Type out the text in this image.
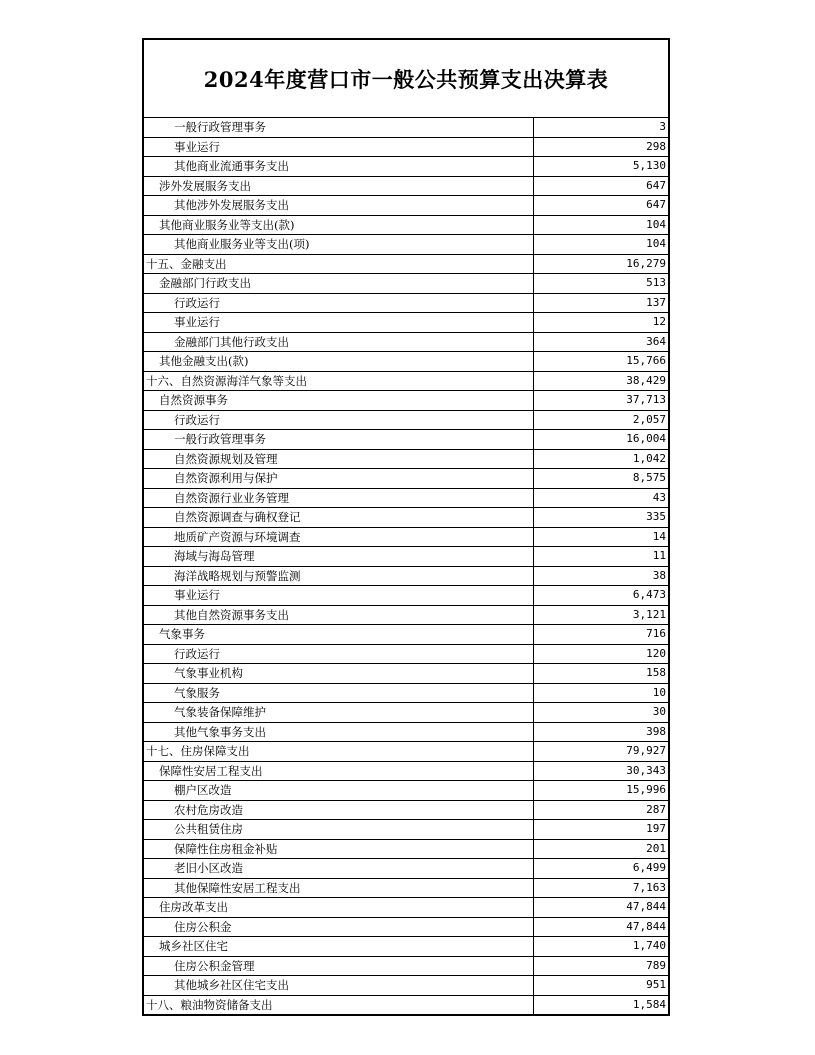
2024年度营口市一般公共预算支出决算表
一般行政管理事务	3
事业运行	298
其他商业流通事务支出	5,130
涉外发展服务支出	647
其他涉外发展服务支出	647
其他商业服务业等支出(款)	104
其他商业服务业等支出(项)	104
十五、金融支出	16,279
金融部门行政支出	513
行政运行	137
事业运行	12
金融部门其他行政支出	364
其他金融支出(款)	15,766
十六、自然资源海洋气象等支出	38,429
自然资源事务	37,713
行政运行	2,057
一般行政管理事务	16,004
自然资源规划及管理	1,042
自然资源利用与保护	8,575
自然资源行业业务管理	43
自然资源调查与确权登记	335
地质矿产资源与环境调查	14
海域与海岛管理	11
海洋战略规划与预警监测	38
事业运行	6,473
其他自然资源事务支出	3,121
气象事务	716
行政运行	120
气象事业机构	158
气象服务	10
气象装备保障维护	30
其他气象事务支出	398
十七、住房保障支出	79,927
保障性安居工程支出	30,343
棚户区改造	15,996
农村危房改造	287
公共租赁住房	197
保障性住房租金补贴	201
老旧小区改造	6,499
其他保障性安居工程支出	7,163
住房改革支出	47,844
住房公积金	47,844
城乡社区住宅	1,740
住房公积金管理	789
其他城乡社区住宅支出	951
十八、粮油物资储备支出	1,584
